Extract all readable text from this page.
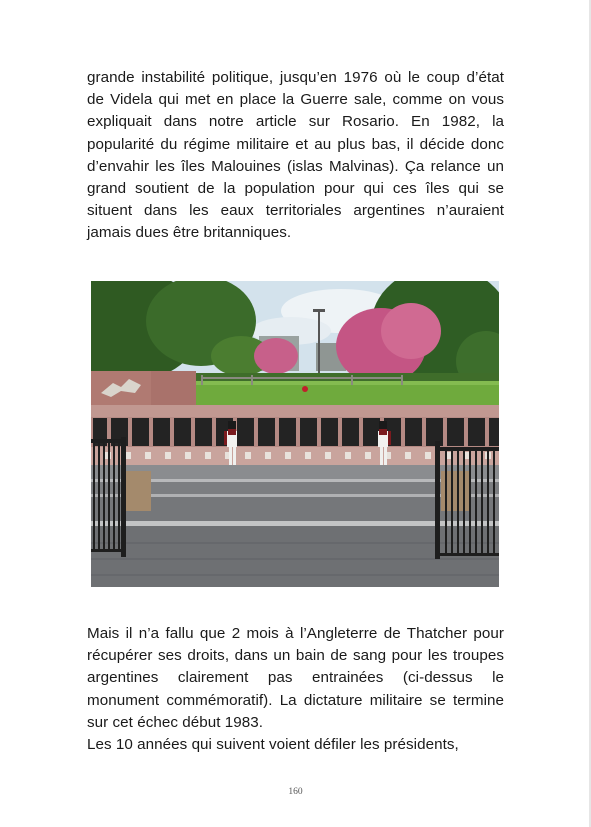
grande instabilité politique, jusqu’en 1976 où le coup d’état de Videla qui met en place la Guerre sale, comme on vous expliquait dans notre article sur Rosario. En 1982, la popularité du régime militaire et au plus bas, il décide donc d’envahir les îles Malouines (islas Malvinas). Ça relance un grand soutient de la population pour qui ces îles qui se situent dans les eaux territoriales argentines n’auraient jamais dues être britanniques.

Mais il n’a fallu que 2 mois à l’Angleterre de Thatcher pour récupérer ses droits, dans un bain de sang pour les troupes argentines clairement pas entrainées (ci-dessus le monument commémoratif). La dictature militaire se termine sur cet échec début 1983.

Les 10 années qui suivent voient défiler les présidents,

160
